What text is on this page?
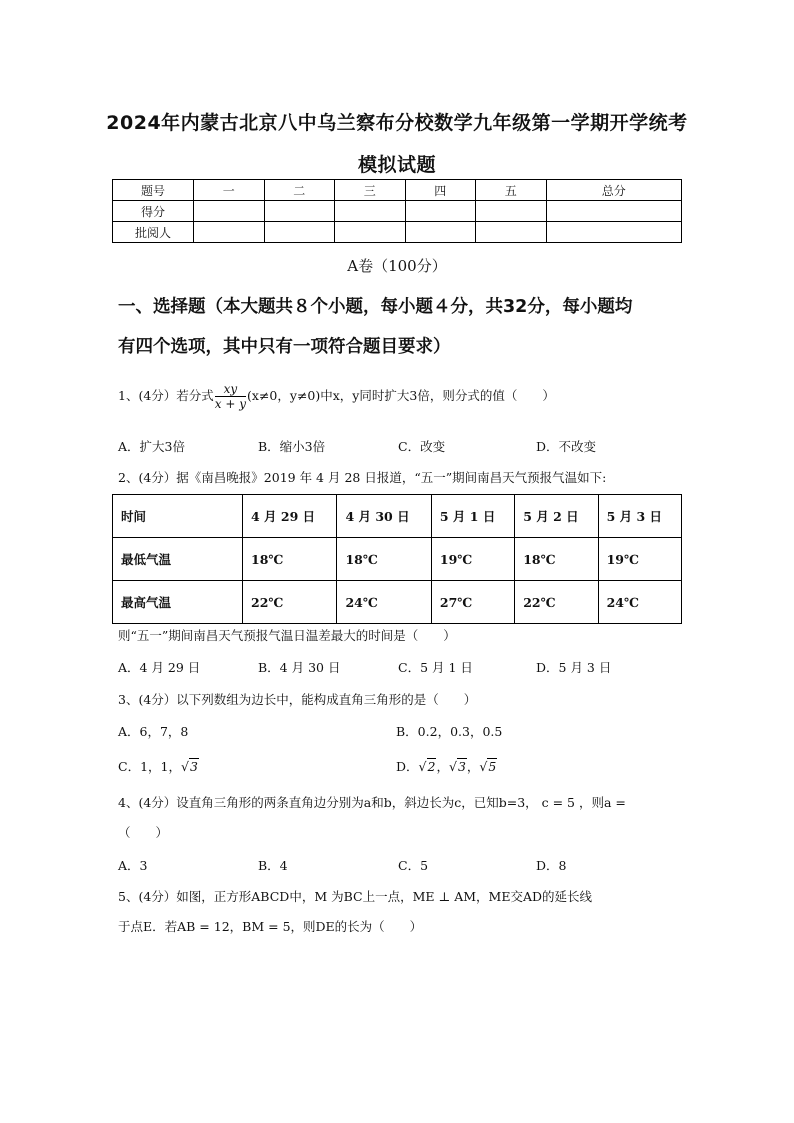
2024年内蒙古北京八中乌兰察布分校数学九年级第一学期开学统考
模拟试题
题号	一	二	三	四	五	总分
得分						
批阅人						
A卷（100分）
一、选择题（本大题共８个小题，每小题４分，共32分，每小题均
有四个选项，其中只有一项符合题目要求）
1、(4分）若分式 $\frac{xy}{x + y} (x\ne 0$，y≠0)中x，y同时扩大3倍，则分式的值（　　）
A．扩大3倍	B．缩小3倍	C．改变	D．不改变
2、(4分）据《南昌晚报》2019 年 4 月 28 日报道，“五一”期间南昌天气预报气温如下:
时间	4 月 29 日	4 月 30 日	5 月 1 日	5 月 2 日	5 月 3 日
最低气温	18℃	18℃	19℃	18℃	19℃
最高气温	22℃	24℃	27℃	22℃	24℃
则“五一”期间南昌天气预报气温日温差最大的时间是（　　）
A．4 月 29 日	B．4 月 30 日	C．5 月 1 日	D．5 月 3 日
3、(4分）以下列数组为边长中，能构成直角三角形的是（　　）
A．6，7，8	B．0.2，0.3，0.5
C．1，1，√3	D．√2，√3，√5
4、(4分）设直角三角形的两条直角边分别为a和b，斜边长为c，已知b=3， c = 5 ，则a =
（　　）
A．3	B．4	C．5	D．8
5、(4分）如图，正方形ABCD中，M 为BC上一点，ME ⊥ AM，ME交AD的延长线
于点E．若AB = 12，BM = 5，则DE的长为（　　）
